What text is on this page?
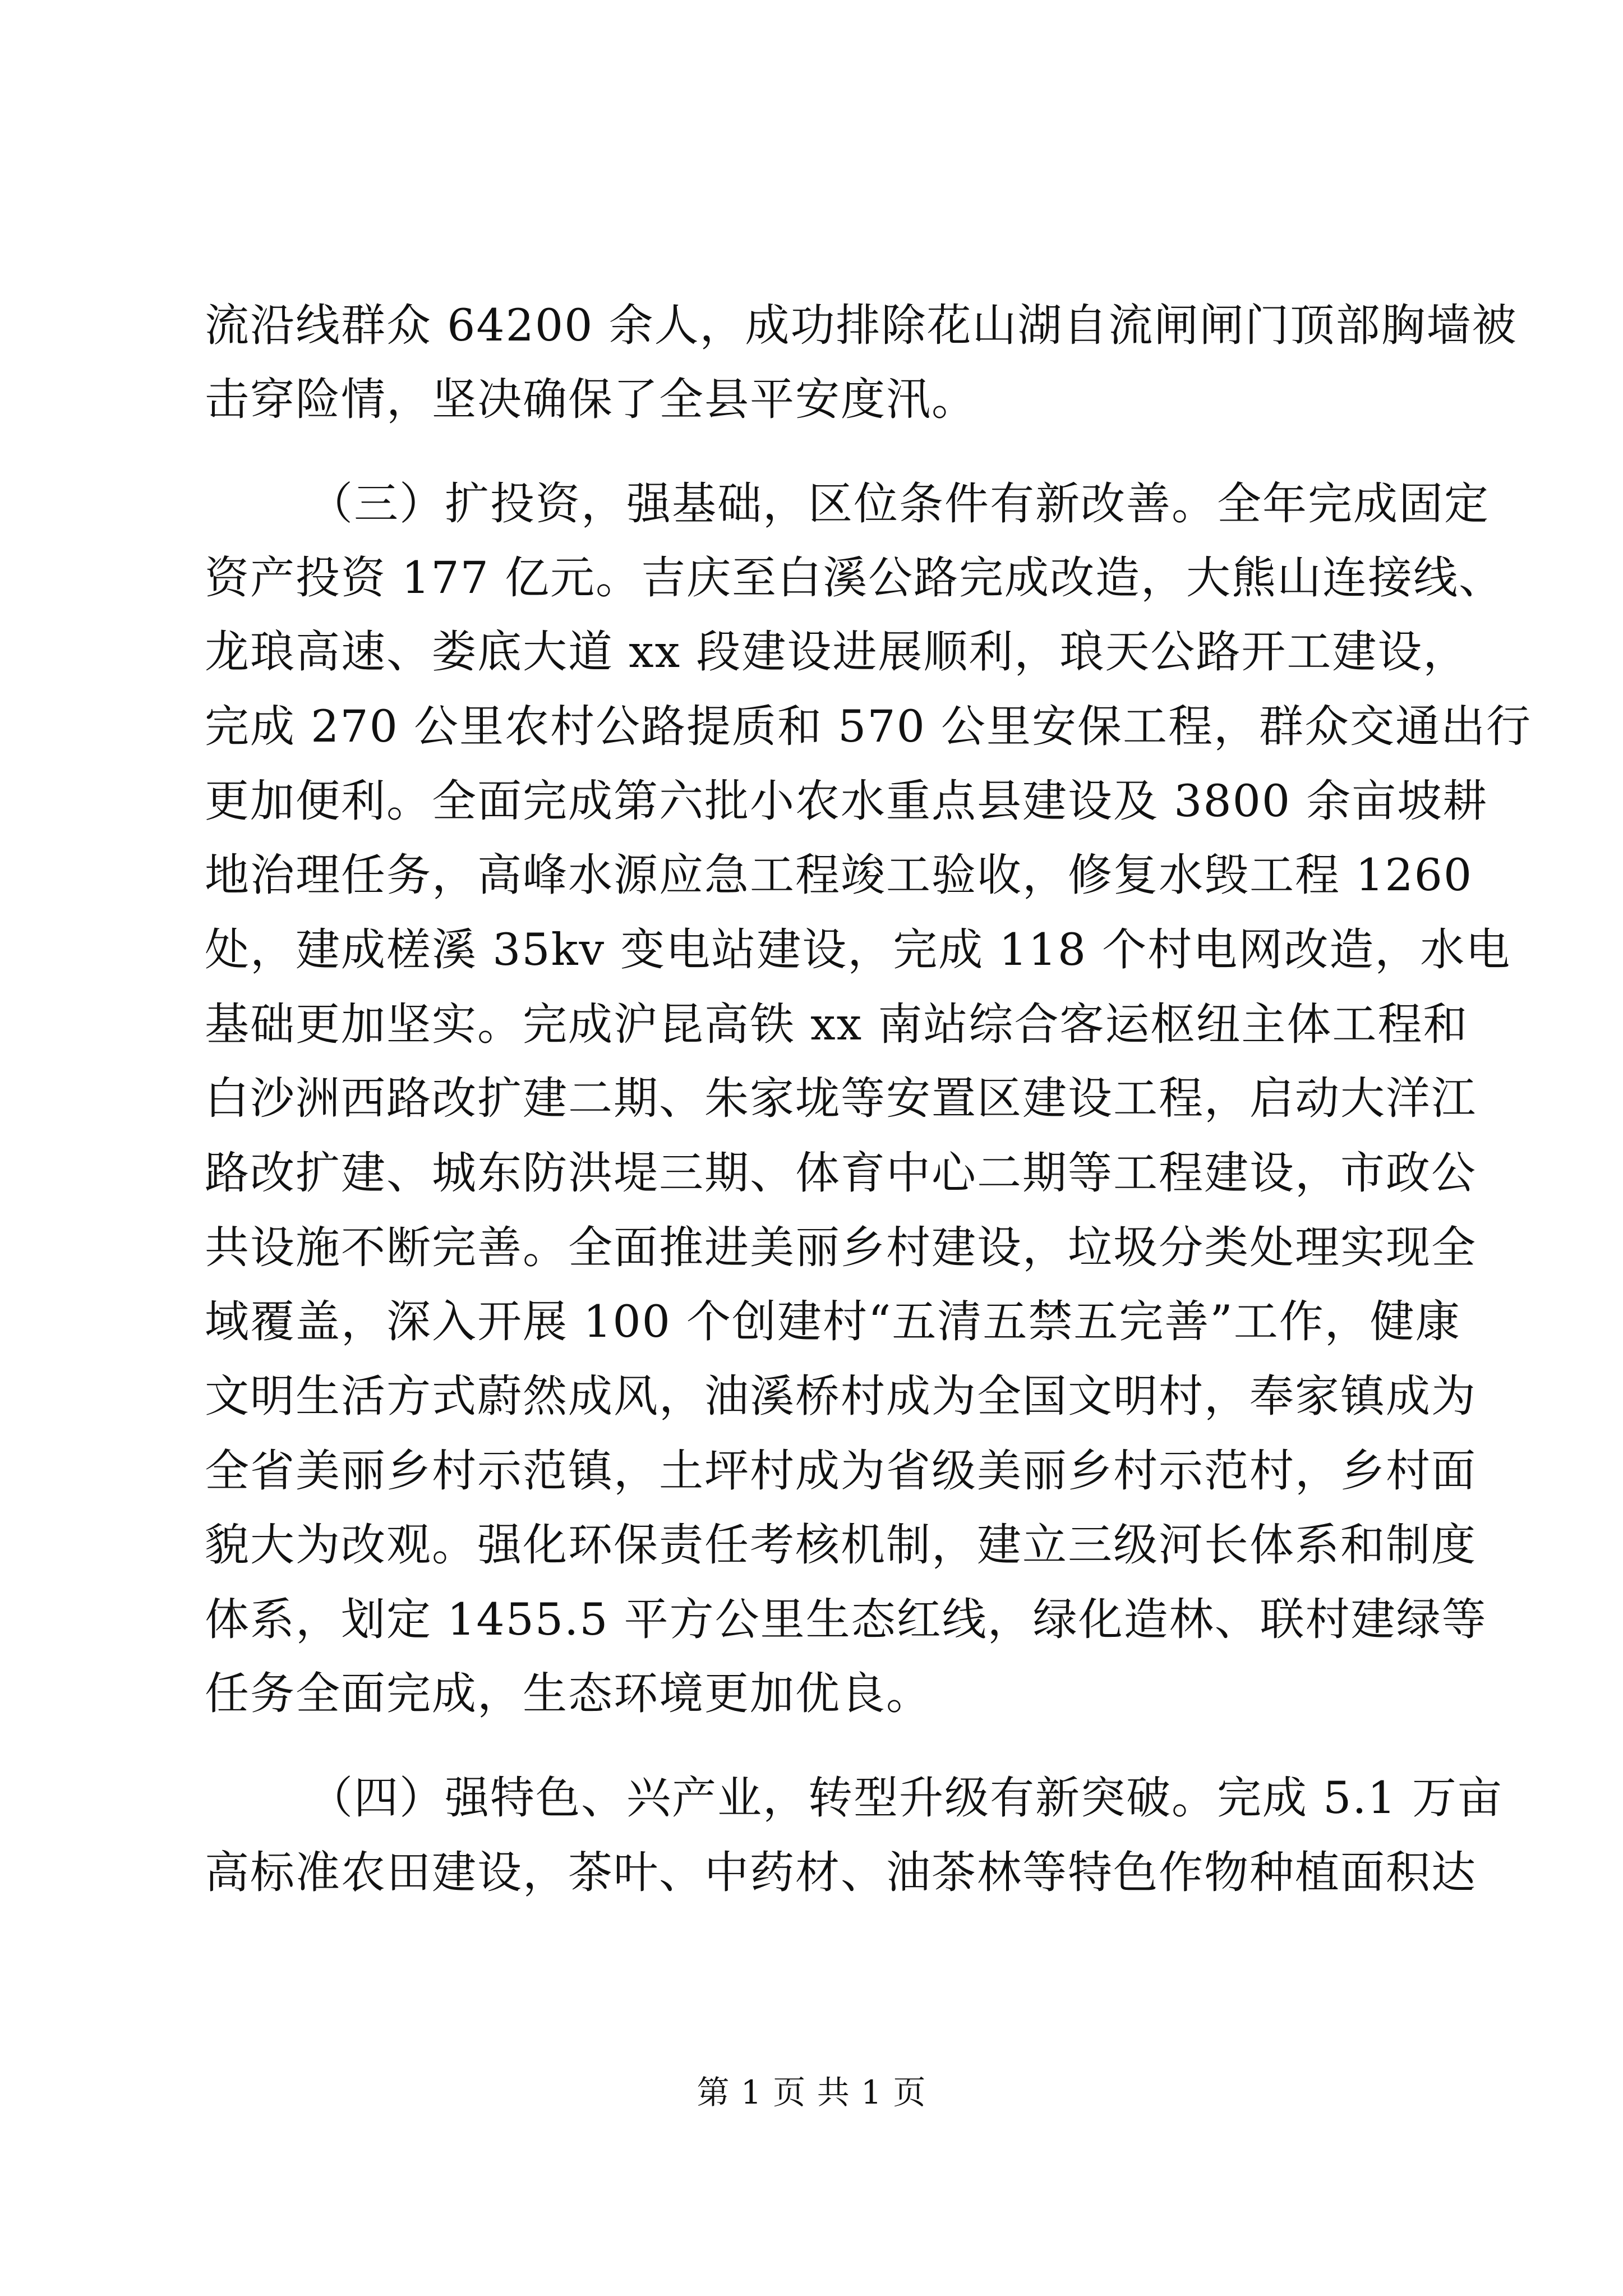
流沿线群众 64200 余人，成功排除花山湖自流闸闸门顶部胸墙被
击穿险情，坚决确保了全县平安度汛。
（三）扩投资，强基础，区位条件有新改善。全年完成固定
资产投资 177 亿元。吉庆至白溪公路完成改造，大熊山连接线、
龙琅高速、娄底大道 xx 段建设进展顺利，琅天公路开工建设，
完成 270 公里农村公路提质和 570 公里安保工程，群众交通出行
更加便利。全面完成第六批小农水重点县建设及 3800 余亩坡耕
地治理任务，高峰水源应急工程竣工验收，修复水毁工程 1260
处，建成槎溪 35kv 变电站建设，完成 118 个村电网改造，水电
基础更加坚实。完成沪昆高铁 xx 南站综合客运枢纽主体工程和
白沙洲西路改扩建二期、朱家垅等安置区建设工程，启动大洋江
路改扩建、城东防洪堤三期、体育中心二期等工程建设，市政公
共设施不断完善。全面推进美丽乡村建设，垃圾分类处理实现全
域覆盖，深入开展 100 个创建村“五清五禁五完善”工作，健康
文明生活方式蔚然成风，油溪桥村成为全国文明村，奉家镇成为
全省美丽乡村示范镇，土坪村成为省级美丽乡村示范村，乡村面
貌大为改观。强化环保责任考核机制，建立三级河长体系和制度
体系，划定 1455.5 平方公里生态红线，绿化造林、联村建绿等
任务全面完成，生态环境更加优良。
（四）强特色、兴产业，转型升级有新突破。完成 5.1 万亩
高标准农田建设，茶叶、中药材、油茶林等特色作物种植面积达
第 1 页 共 1 页
